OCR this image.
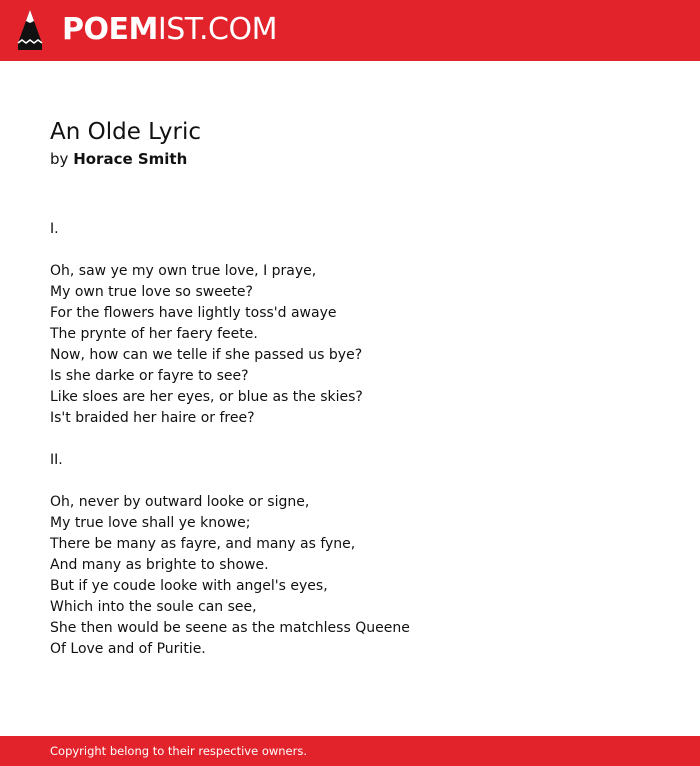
POEMIST.COM
An Olde Lyric

by Horace Smith

I.
Oh, saw ye my own true love, I praye,
My own true love so sweete?
For the flowers have lightly toss'd awaye
The prynte of her faery feete.
Now, how can we telle if she passed us bye?
Is she darke or fayre to see?
Like sloes are her eyes, or blue as the skies?
Is't braided her haire or free?
II.
Oh, never by outward looke or signe,
My true love shall ye knowe;
There be many as fayre, and many as fyne,
And many as brighte to showe.
But if ye coude looke with angel's eyes,
Which into the soule can see,
She then would be seene as the matchless Queene
Of Love and of Puritie.
Copyright belong to their respective owners.
